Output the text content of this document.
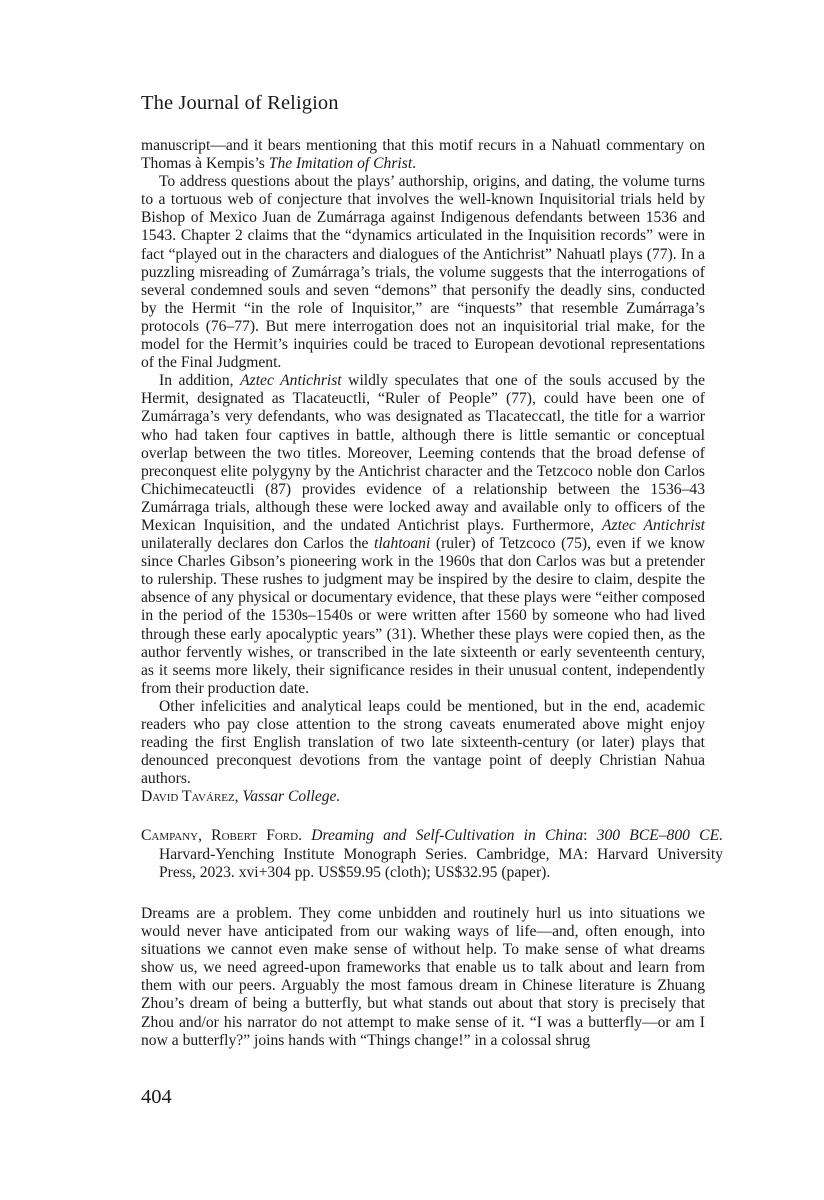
The Journal of Religion

manuscript—and it bears mentioning that this motif recurs in a Nahuatl commentary on Thomas à Kempis’s The Imitation of Christ.

To address questions about the plays’ authorship, origins, and dating, the volume turns to a tortuous web of conjecture that involves the well-known Inquisitorial trials held by Bishop of Mexico Juan de Zumárraga against Indigenous defendants between 1536 and 1543. Chapter 2 claims that the “dynamics articulated in the Inquisition records” were in fact “played out in the characters and dialogues of the Antichrist” Nahuatl plays (77). In a puzzling misreading of Zumárraga’s trials, the volume suggests that the interrogations of several condemned souls and seven “demons” that personify the deadly sins, conducted by the Hermit “in the role of Inquisitor,” are “inquests” that resemble Zumárraga’s protocols (76–77). But mere interrogation does not an inquisitorial trial make, for the model for the Hermit’s inquiries could be traced to European devotional representations of the Final Judgment.

In addition, Aztec Antichrist wildly speculates that one of the souls accused by the Hermit, designated as Tlacateuctli, “Ruler of People” (77), could have been one of Zumárraga’s very defendants, who was designated as Tlacateccatl, the title for a warrior who had taken four captives in battle, although there is little semantic or conceptual overlap between the two titles. Moreover, Leeming contends that the broad defense of preconquest elite polygyny by the Antichrist character and the Tetzcoco noble don Carlos Chichimecateuctli (87) provides evidence of a relationship between the 1536–43 Zumárraga trials, although these were locked away and available only to officers of the Mexican Inquisition, and the undated Antichrist plays. Furthermore, Aztec Antichrist unilaterally declares don Carlos the tlahtoani (ruler) of Tetzcoco (75), even if we know since Charles Gibson’s pioneering work in the 1960s that don Carlos was but a pretender to rulership. These rushes to judgment may be inspired by the desire to claim, despite the absence of any physical or documentary evidence, that these plays were “either composed in the period of the 1530s–1540s or were written after 1560 by someone who had lived through these early apocalyptic years” (31). Whether these plays were copied then, as the author fervently wishes, or transcribed in the late sixteenth or early seventeenth century, as it seems more likely, their significance resides in their unusual content, independently from their production date.

Other infelicities and analytical leaps could be mentioned, but in the end, academic readers who pay close attention to the strong caveats enumerated above might enjoy reading the first English translation of two late sixteenth-century (or later) plays that denounced preconquest devotions from the vantage point of deeply Christian Nahua authors.

David Tavárez, Vassar College.

Campany, Robert Ford. Dreaming and Self-Cultivation in China: 300 BCE–800 CE. Harvard-Yenching Institute Monograph Series. Cambridge, MA: Harvard University Press, 2023. xvi+304 pp. US$59.95 (cloth); US$32.95 (paper).

Dreams are a problem. They come unbidden and routinely hurl us into situations we would never have anticipated from our waking ways of life—and, often enough, into situations we cannot even make sense of without help. To make sense of what dreams show us, we need agreed-upon frameworks that enable us to talk about and learn from them with our peers. Arguably the most famous dream in Chinese literature is Zhuang Zhou’s dream of being a butterfly, but what stands out about that story is precisely that Zhou and/or his narrator do not attempt to make sense of it. “I was a butterfly—or am I now a butterfly?” joins hands with “Things change!” in a colossal shrug

404
